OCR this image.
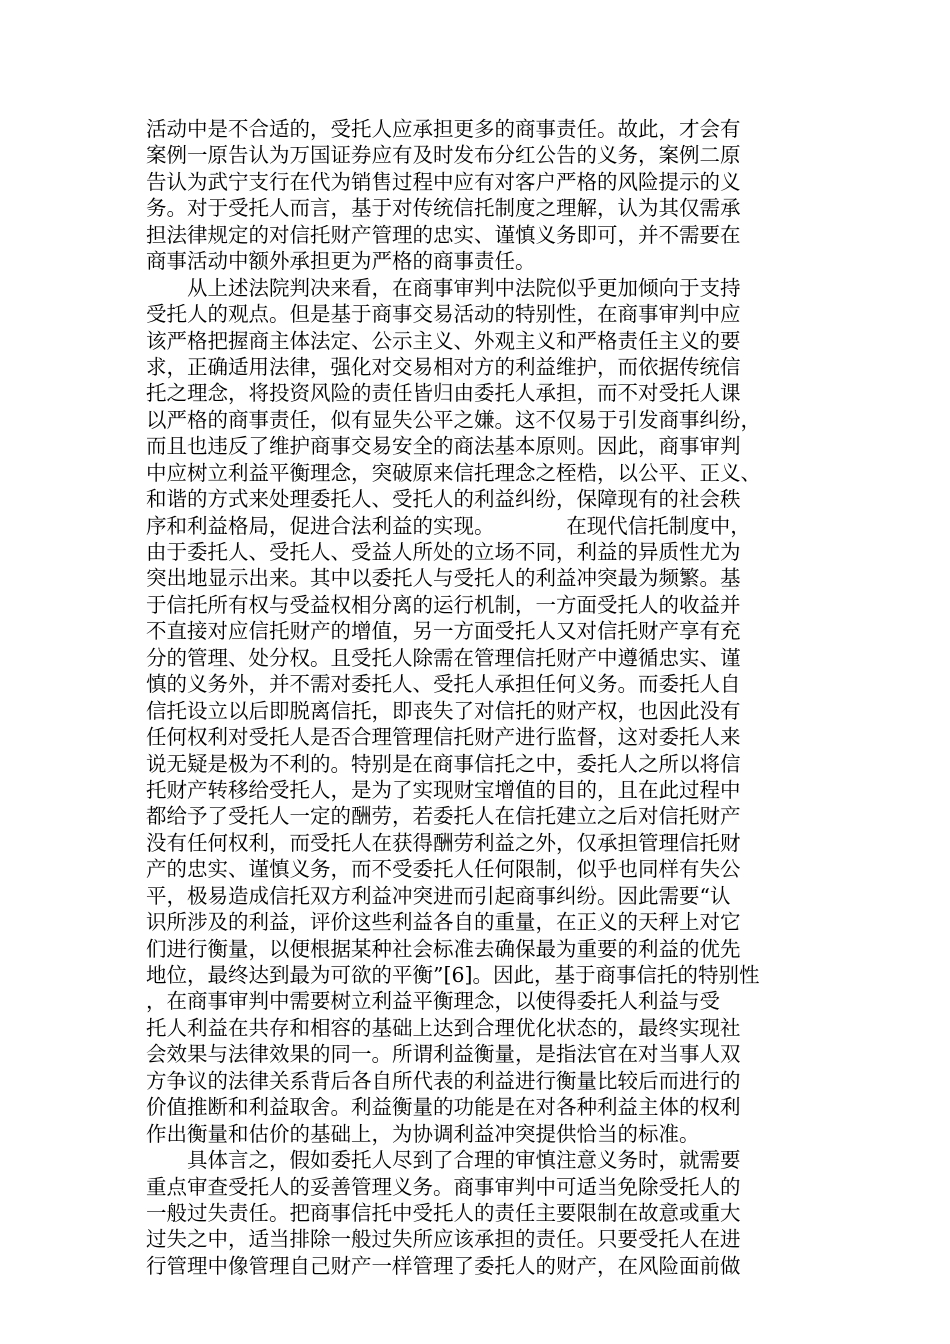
活动中是不合适的，受托人应承担更多的商事责任。故此，才会有
案例一原告认为万国证券应有及时发布分红公告的义务，案例二原
告认为武宁支行在代为销售过程中应有对客户严格的风险提示的义
务。对于受托人而言，基于对传统信托制度之理解，认为其仅需承
担法律规定的对信托财产管理的忠实、谨慎义务即可，并不需要在
商事活动中额外承担更为严格的商事责任。
　　从上述法院判决来看，在商事审判中法院似乎更加倾向于支持
受托人的观点。但是基于商事交易活动的特别性，在商事审判中应
该严格把握商主体法定、公示主义、外观主义和严格责任主义的要
求，正确适用法律，强化对交易相对方的利益维护，而依据传统信
托之理念，将投资风险的责任皆归由委托人承担，而不对受托人课
以严格的商事责任，似有显失公平之嫌。这不仅易于引发商事纠纷，
而且也违反了维护商事交易安全的商法基本原则。因此，商事审判
中应树立利益平衡理念，突破原来信托理念之桎梏，以公平、正义、
和谐的方式来处理委托人、受托人的利益纠纷，保障现有的社会秩
序和利益格局，促进合法利益的实现。　　　　在现代信托制度中，
由于委托人、受托人、受益人所处的立场不同，利益的异质性尤为
突出地显示出来。其中以委托人与受托人的利益冲突最为频繁。基
于信托所有权与受益权相分离的运行机制，一方面受托人的收益并
不直接对应信托财产的增值，另一方面受托人又对信托财产享有充
分的管理、处分权。且受托人除需在管理信托财产中遵循忠实、谨
慎的义务外，并不需对委托人、受托人承担任何义务。而委托人自
信托设立以后即脱离信托，即丧失了对信托的财产权，也因此没有
任何权利对受托人是否合理管理信托财产进行监督，这对委托人来
说无疑是极为不利的。特别是在商事信托之中，委托人之所以将信
托财产转移给受托人，是为了实现财宝增值的目的，且在此过程中
都给予了受托人一定的酬劳，若委托人在信托建立之后对信托财产
没有任何权利，而受托人在获得酬劳利益之外，仅承担管理信托财
产的忠实、谨慎义务，而不受委托人任何限制，似乎也同样有失公
平，极易造成信托双方利益冲突进而引起商事纠纷。因此需要“认
识所涉及的利益，评价这些利益各自的重量，在正义的天秤上对它
们进行衡量，以便根据某种社会标准去确保最为重要的利益的优先
地位，最终达到最为可欲的平衡”[6]。因此，基于商事信托的特别性
，在商事审判中需要树立利益平衡理念，以使得委托人利益与受
托人利益在共存和相容的基础上达到合理优化状态的，最终实现社
会效果与法律效果的同一。所谓利益衡量，是指法官在对当事人双
方争议的法律关系背后各自所代表的利益进行衡量比较后而进行的
价值推断和利益取舍。利益衡量的功能是在对各种利益主体的权利
作出衡量和估价的基础上，为协调利益冲突提供恰当的标准。
　　具体言之，假如委托人尽到了合理的审慎注意义务时，就需要
重点审查受托人的妥善管理义务。商事审判中可适当免除受托人的
一般过失责任。把商事信托中受托人的责任主要限制在故意或重大
过失之中，适当排除一般过失所应该承担的责任。只要受托人在进
行管理中像管理自己财产一样管理了委托人的财产，在风险面前做
